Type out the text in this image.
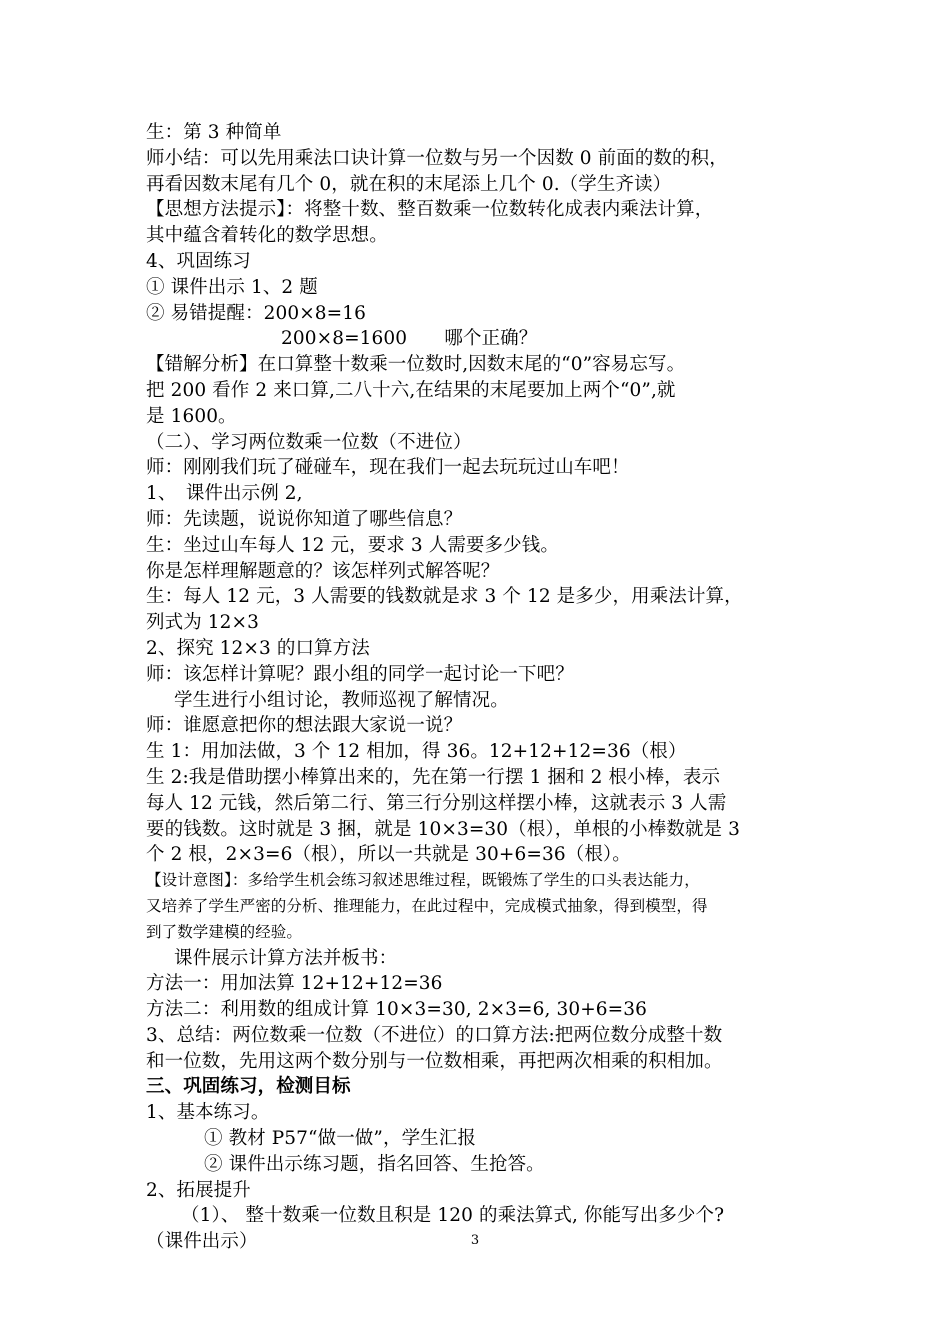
生：第 3 种简单
师小结：可以先用乘法口诀计算一位数与另一个因数 0 前面的数的积，
再看因数末尾有几个 0，就在积的末尾添上几个 0.（学生齐读）
【思想方法提示】：将整十数、整百数乘一位数转化成表内乘法计算，
其中蕴含着转化的数学思想。
4、巩固练习
① 课件出示 1、2 题
② 易错提醒：200×8=16
200×8=1600　　哪个正确？
【错解分析】在口算整十数乘一位数时,因数末尾的“0”容易忘写。
把 200 看作 2 来口算,二八十六,在结果的末尾要加上两个“0”,就
是 1600。
（二）、学习两位数乘一位数（不进位）
师：刚刚我们玩了碰碰车，现在我们一起去玩玩过山车吧！
1、　课件出示例 2,
师：先读题，说说你知道了哪些信息？
生：坐过山车每人 12 元，要求 3 人需要多少钱。
你是怎样理解题意的？该怎样列式解答呢？
生：每人 12 元，3 人需要的钱数就是求 3 个 12 是多少，用乘法计算，
列式为 12×3
2、探究 12×3 的口算方法
师：该怎样计算呢？跟小组的同学一起讨论一下吧？
学生进行小组讨论，教师巡视了解情况。
师：谁愿意把你的想法跟大家说一说？
生 1：用加法做，3 个 12 相加，得 36。12+12+12=36（根）
生 2:我是借助摆小棒算出来的，先在第一行摆 1 捆和 2 根小棒，表示
每人 12 元钱，然后第二行、第三行分别这样摆小棒，这就表示 3 人需
要的钱数。这时就是 3 捆，就是 10×3=30（根），单根的小棒数就是 3
个 2 根，2×3=6（根），所以一共就是 30+6=36（根）。
【设计意图】：多给学生机会练习叙述思维过程，既锻炼了学生的口头表达能力，
又培养了学生严密的分析、推理能力，在此过程中，完成模式抽象，得到模型，得
到了数学建模的经验。
课件展示计算方法并板书：
方法一：用加法算 12+12+12=36
方法二：利用数的组成计算 10×3=30, 2×3=6, 30+6=36
3、总结：两位数乘一位数（不进位）的口算方法:把两位数分成整十数
和一位数，先用这两个数分别与一位数相乘，再把两次相乘的积相加。
三、巩固练习，检测目标
1、基本练习。
① 教材 P57“做一做”，学生汇报
② 课件出示练习题，指名回答、生抢答。
2、拓展提升
（1）、 整十数乘一位数且积是 120 的乘法算式, 你能写出多少个?
（课件出示）	3
